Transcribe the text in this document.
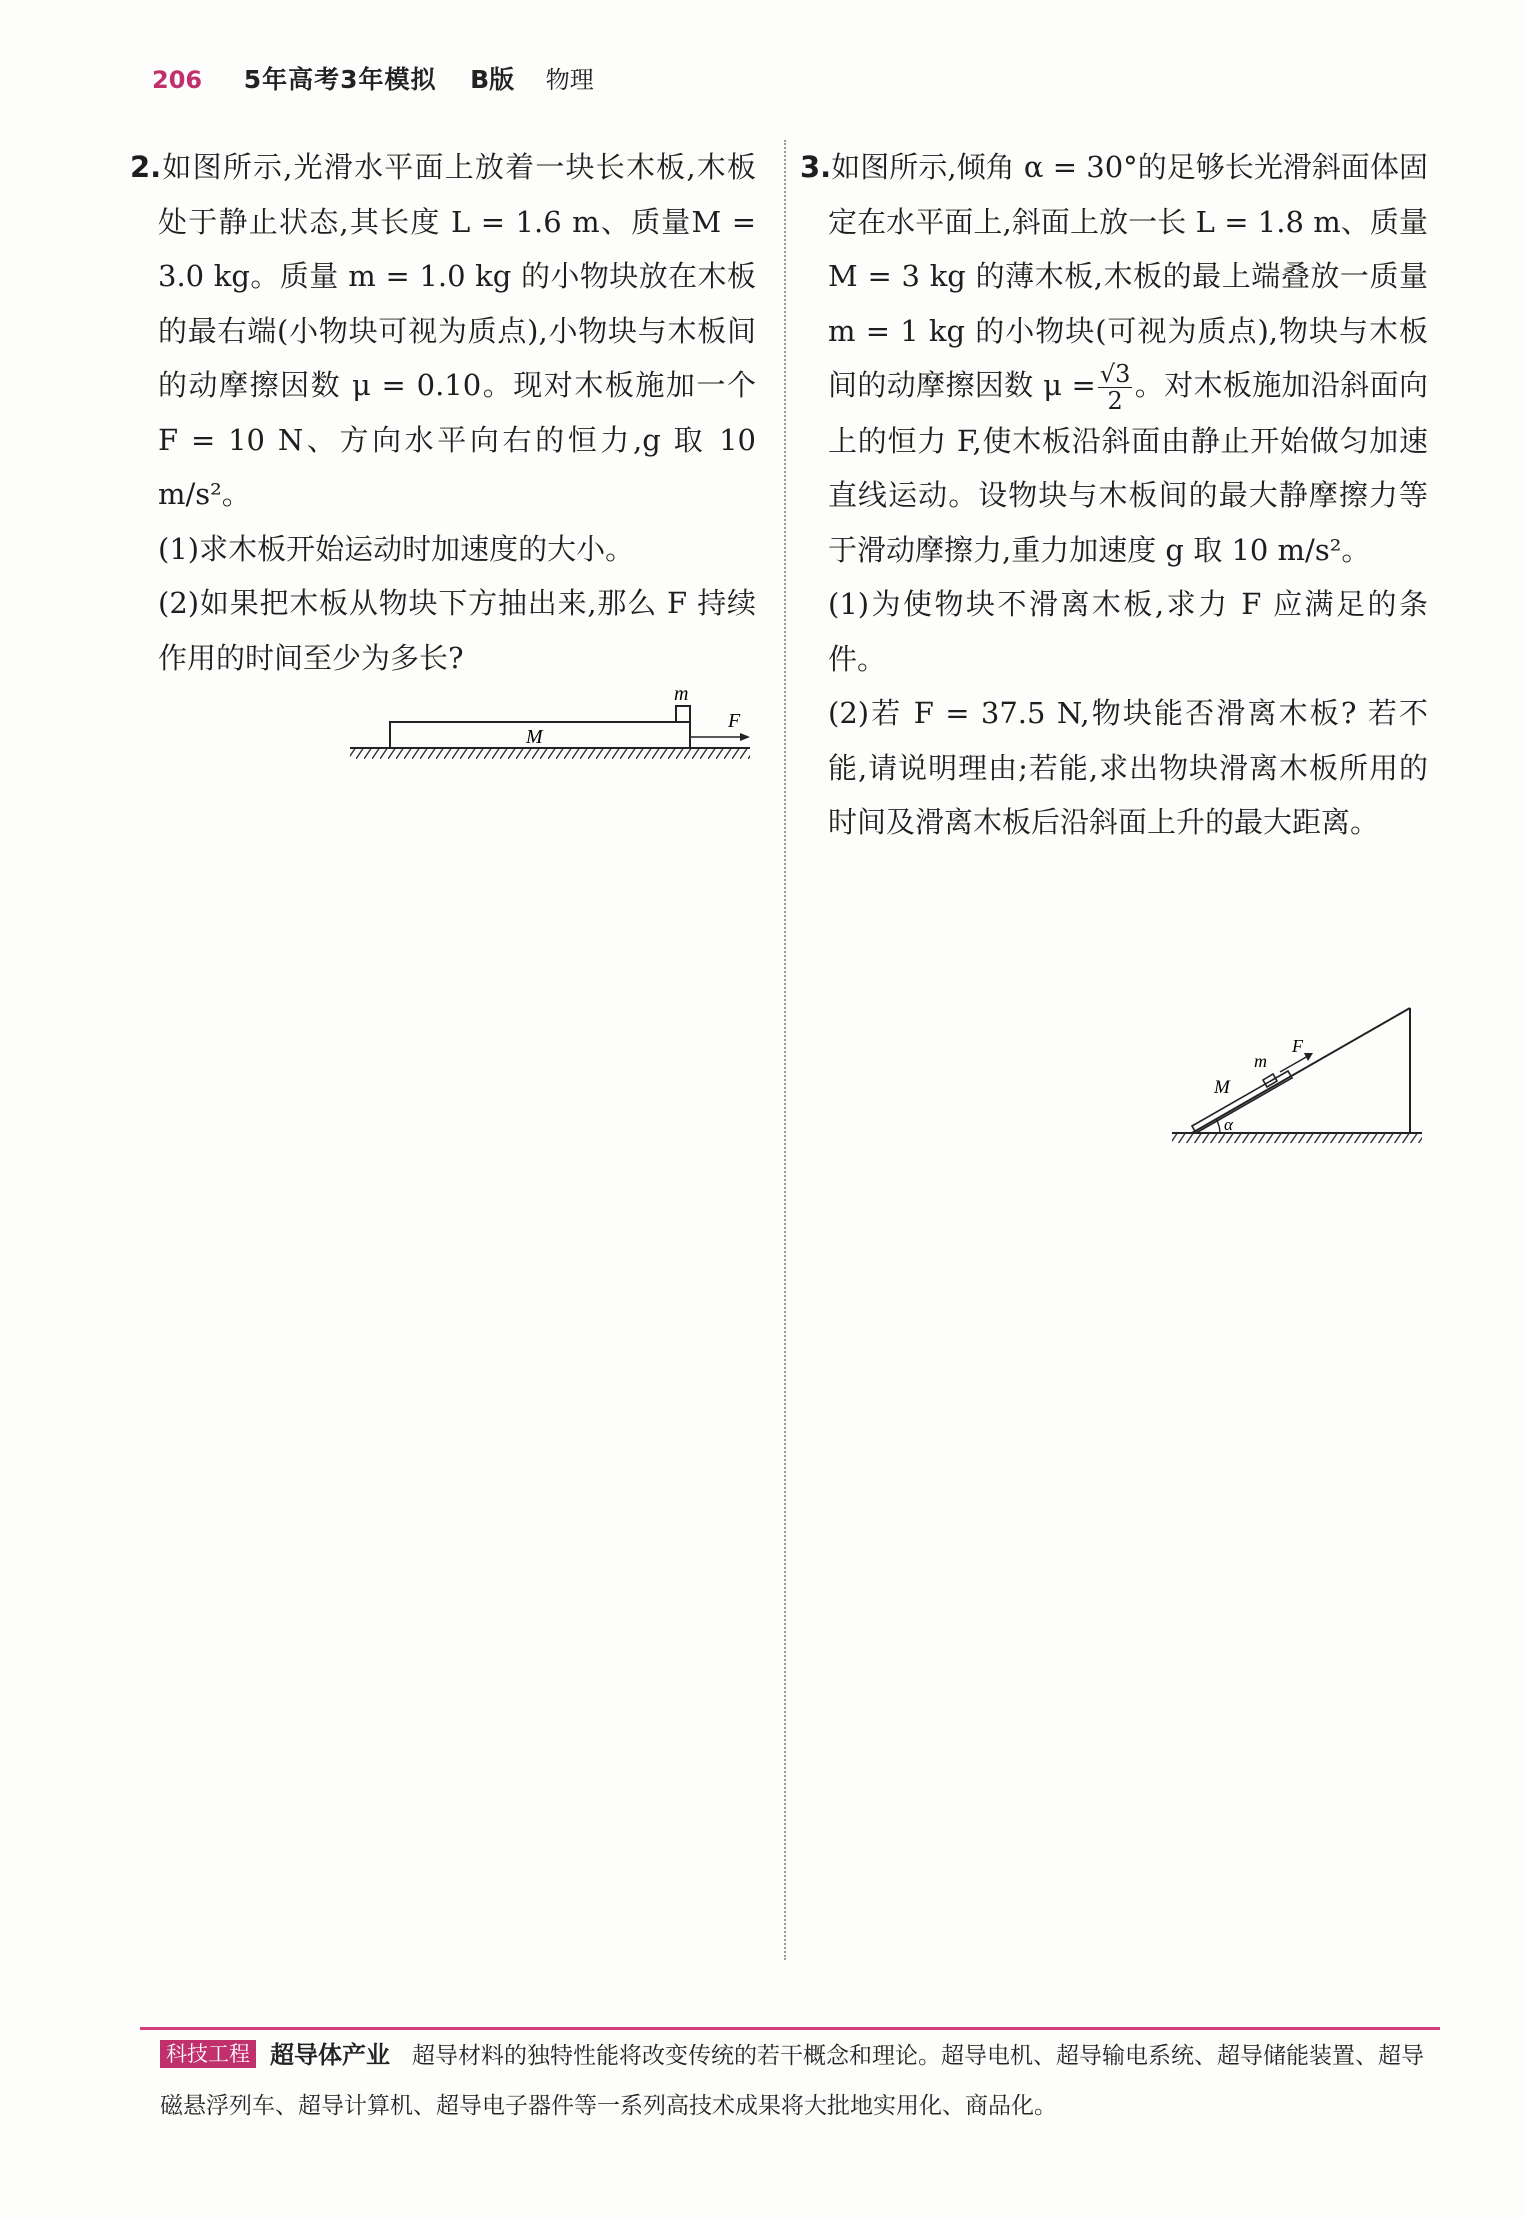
206 5年高考3年模拟 B版 物理

2.如图所示,光滑水平面上放着一块长木板,木板处于静止状态,其长度 L = 1.6 m、质量M = 3.0 kg。质量 m = 1.0 kg 的小物块放在木板的最右端(小物块可视为质点),小物块与木板间的动摩擦因数 μ = 0.10。现对木板施加一个 F = 10 N、方向水平向右的恒力,g 取 10 m/s²。

(1)求木板开始运动时加速度的大小。

(2)如果把木板从物块下方抽出来,那么 F 持续作用的时间至少为多长?

M
m
F

3.如图所示,倾角 α = 30°的足够长光滑斜面体固定在水平面上,斜面上放一长 L = 1.8 m、质量 M = 3 kg 的薄木板,木板的最上端叠放一质量 m = 1 kg 的小物块(可视为质点),物块与木板间的动摩擦因数 $\mu = \frac{√3}{2}$ 。对木板施加沿斜面向上的恒力 F,使木板沿斜面由静止开始做匀加速直线运动。设物块与木板间的最大静摩擦力等于滑动摩擦力,重力加速度 g 取 10 m/s²。

(1)为使物块不滑离木板,求力 F 应满足的条件。

(2)若 F = 37.5 N,物块能否滑离木板? 若不能,请说明理由;若能,求出物块滑离木板所用的时间及滑离木板后沿斜面上升的最大距离。

M
m
F
α
科技工程 超导体产业 超导材料的独特性能将改变传统的若干概念和理论。超导电机、超导输电系统、超导储能装置、超导磁悬浮列车、超导计算机、超导电子器件等一系列高技术成果将大批地实用化、商品化。
